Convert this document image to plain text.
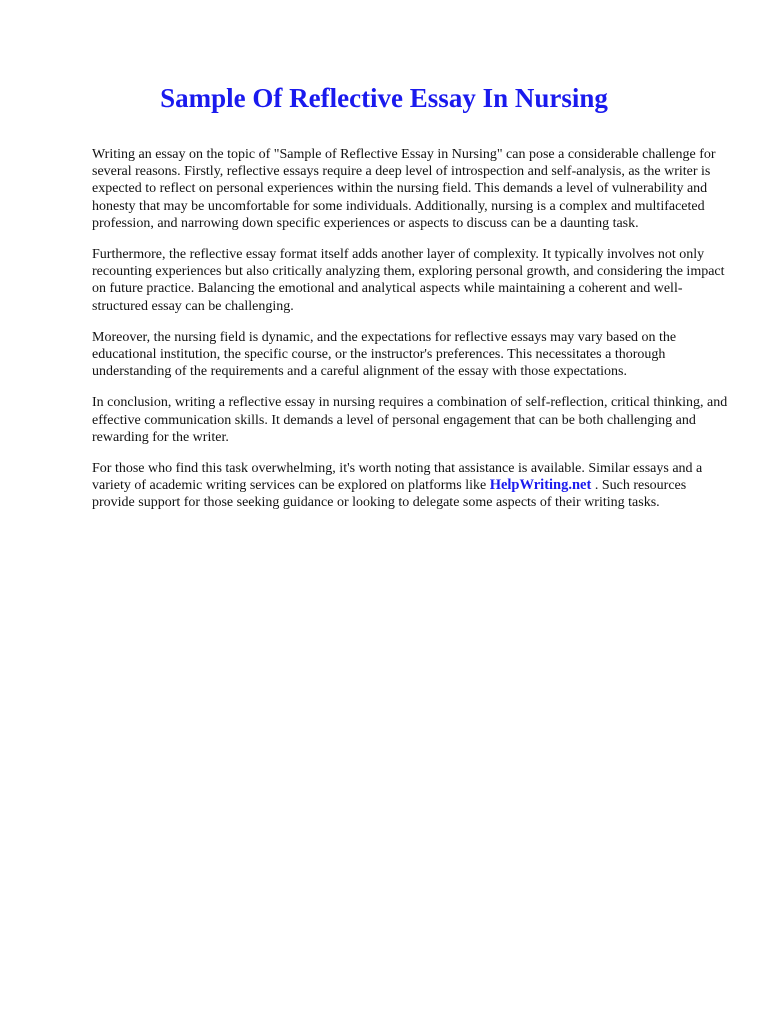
Sample Of Reflective Essay In Nursing

Writing an essay on the topic of "Sample of Reflective Essay in Nursing" can pose a considerable challenge for several reasons. Firstly, reflective essays require a deep level of introspection and self-analysis, as the writer is expected to reflect on personal experiences within the nursing field. This demands a level of vulnerability and honesty that may be uncomfortable for some individuals. Additionally, nursing is a complex and multifaceted profession, and narrowing down specific experiences or aspects to discuss can be a daunting task.

Furthermore, the reflective essay format itself adds another layer of complexity. It typically involves not only recounting experiences but also critically analyzing them, exploring personal growth, and considering the impact on future practice. Balancing the emotional and analytical aspects while maintaining a coherent and well-structured essay can be challenging.

Moreover, the nursing field is dynamic, and the expectations for reflective essays may vary based on the educational institution, the specific course, or the instructor's preferences. This necessitates a thorough understanding of the requirements and a careful alignment of the essay with those expectations.

In conclusion, writing a reflective essay in nursing requires a combination of self-reflection, critical thinking, and effective communication skills. It demands a level of personal engagement that can be both challenging and rewarding for the writer.

For those who find this task overwhelming, it's worth noting that assistance is available. Similar essays and a variety of academic writing services can be explored on platforms like HelpWriting.net . Such resources provide support for those seeking guidance or looking to delegate some aspects of their writing tasks.
